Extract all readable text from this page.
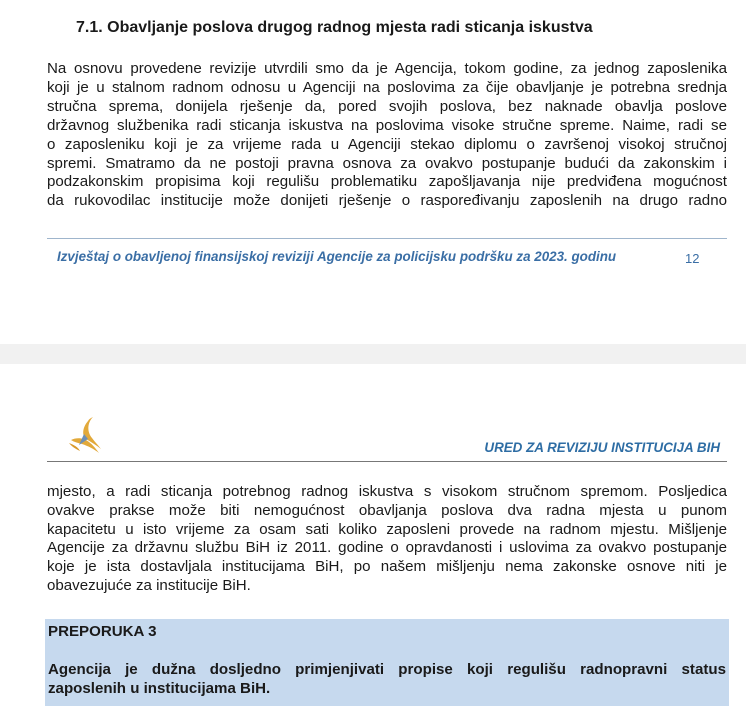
7.1. Obavljanje poslova drugog radnog mjesta radi sticanja iskustva
Na osnovu provedene revizije utvrdili smo da je Agencija, tokom godine, za jednog zaposlenika
koji je u stalnom radnom odnosu u Agenciji na poslovima za čije obavljanje je potrebna srednja
stručna sprema, donijela rješenje da, pored svojih poslova, bez naknade obavlja poslove
državnog službenika radi sticanja iskustva na poslovima visoke stručne spreme. Naime, radi se
o zaposleniku koji je za vrijeme rada u Agenciji stekao diplomu o završenoj visokoj stručnoj
spremi. Smatramo da ne postoji pravna osnova za ovakvo postupanje budući da zakonskim i
podzakonskim propisima koji regulišu problematiku zapošljavanja nije predviđena mogućnost
da rukovodilac institucije može donijeti rješenje o raspoređivanju zaposlenih na drugo radno
Izvještaj o obavljenoj finansijskoj reviziji Agencije za policijsku podršku za 2023. godinu	12
URED ZA REVIZIJU INSTITUCIJA BIH
mjesto, a radi sticanja potrebnog radnog iskustva s visokom stručnom spremom. Posljedica
ovakve prakse može biti nemogućnost obavljanja poslova dva radna mjesta u punom
kapacitetu u isto vrijeme za osam sati koliko zaposleni provede na radnom mjestu. Mišljenje
Agencije za državnu službu BiH iz 2011. godine o opravdanosti i uslovima za ovakvo postupanje
koje je ista dostavljala institucijama BiH, po našem mišljenju nema zakonske osnove niti je
obavezujuće za institucije BiH.
PREPORUKA 3
Agencija je dužna dosljedno primjenjivati propise koji regulišu radnopravni status
zaposlenih u institucijama BiH.
